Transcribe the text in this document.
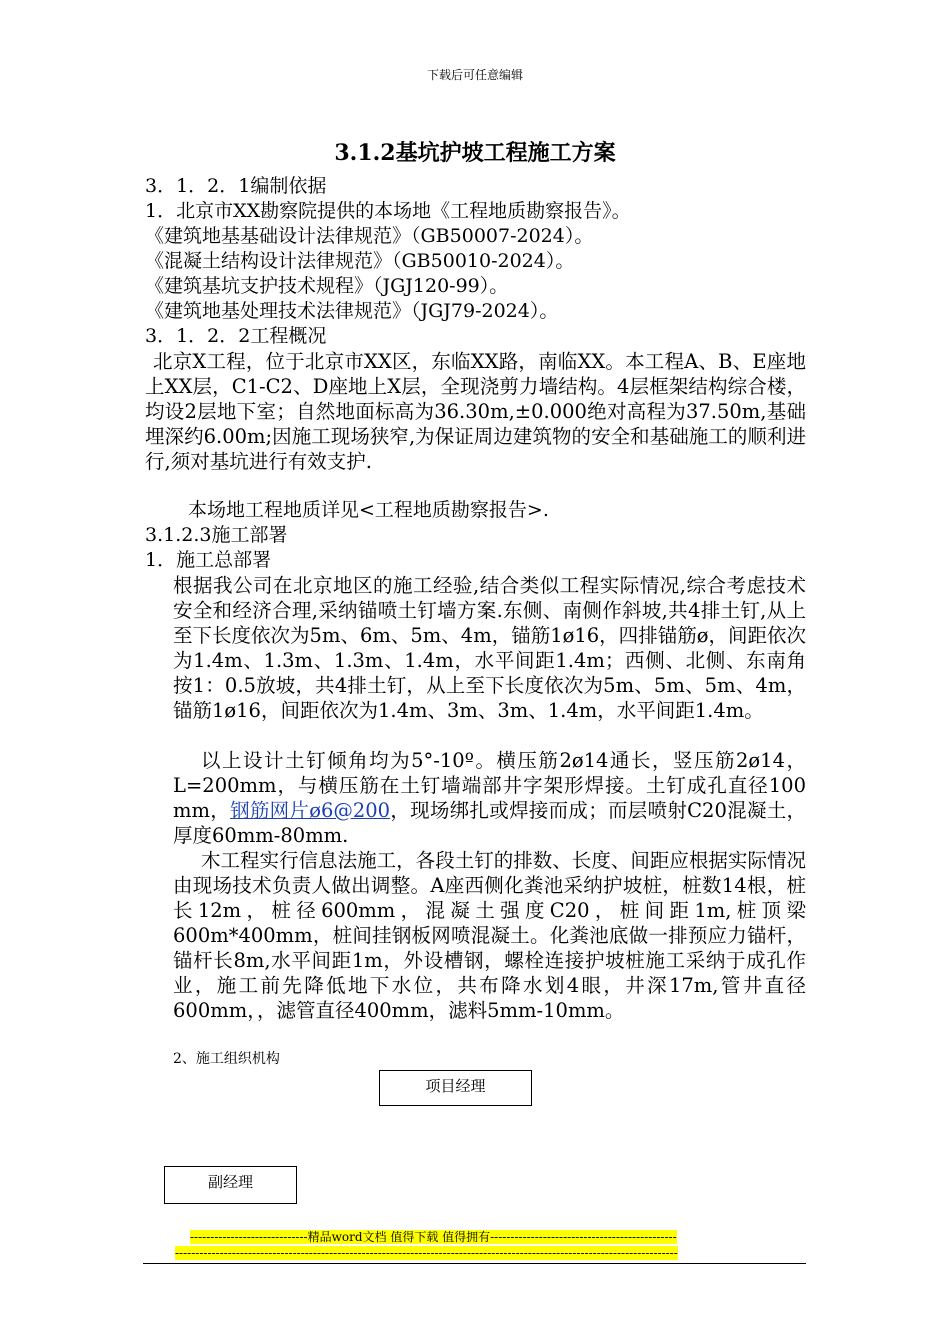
下载后可任意编辑
3.1.2基坑护坡工程施工方案
3．1．2．1编制依据
1．北京市XX勘察院提供的本场地《工程地质勘察报告》。
《建筑地基基础设计法律规范》（GB50007-2024）。
《混凝土结构设计法律规范》（GB50010-2024）。
《建筑基坑支护技术规程》（JGJ120-99）。
《建筑地基处理技术法律规范》（JGJ79-2024）。
3．1．2．2工程概况
北京X工程，位于北京市XX区，东临XX路，南临XX。本工程A、B、E座地上XX层，C1-C2、D座地上X层，全现浇剪力墙结构。4层框架结构综合楼，均设2层地下室；自然地面标高为36.30m,±0.000绝对高程为37.50m,基础埋深约6.00m;因施工现场狭窄,为保证周边建筑物的安全和基础施工的顺利进行,须对基坑进行有效支护.
本场地工程地质详见<工程地质勘察报告>.
3.1.2.3施工部署
1．施工总部署
根据我公司在北京地区的施工经验,结合类似工程实际情况,综合考虑技术安全和经济合理,采纳锚喷土钉墙方案.东侧、南侧作斜坡,共4排土钉,从上至下长度依次为5m、6m、5m、4m，锚筋1ø16，四排锚筋ø，间距依次为1.4m、1.3m、1.3m、1.4m，水平间距1.4m；西侧、北侧、东南角按1：0.5放坡，共4排土钉，从上至下长度依次为5m、5m、5m、4m，锚筋1ø16，间距依次为1.4m、3m、3m、1.4m，水平间距1.4m。
以上设计土钉倾角均为5°-10º。横压筋2ø14通长，竖压筋2ø14，L=200mm，与横压筋在土钉墙端部井字架形焊接。土钉成孔直径100 mm，钢筋网片ø6@200，现场绑扎或焊接而成；而层喷射C20混凝土，厚度60mm-80mm.
木工程实行信息法施工，各段土钉的排数、长度、间距应根据实际情况由现场技术负责人做出调整。A座西侧化粪池采纳护坡桩，桩数14根，桩长12m，桩径600mm，混凝土强度C20，桩间距1m,桩顶梁600m*400mm，桩间挂钢板网喷混凝土。化粪池底做一排预应力锚杆，锚杆长8m,水平间距1m，外设槽钢，螺栓连接护坡桩施工采纳于成孔作业，施工前先降低地下水位，共布降水划4眼，井深17m,管井直径600mm，，滤管直径400mm，滤料5mm-10mm。
2、施工组织机构
项目经理
副经理
-----------------------------精品word文档 值得下载 值得拥有----------------------------------------------
----------------------------------------------------------------------------------------------------------------------------
